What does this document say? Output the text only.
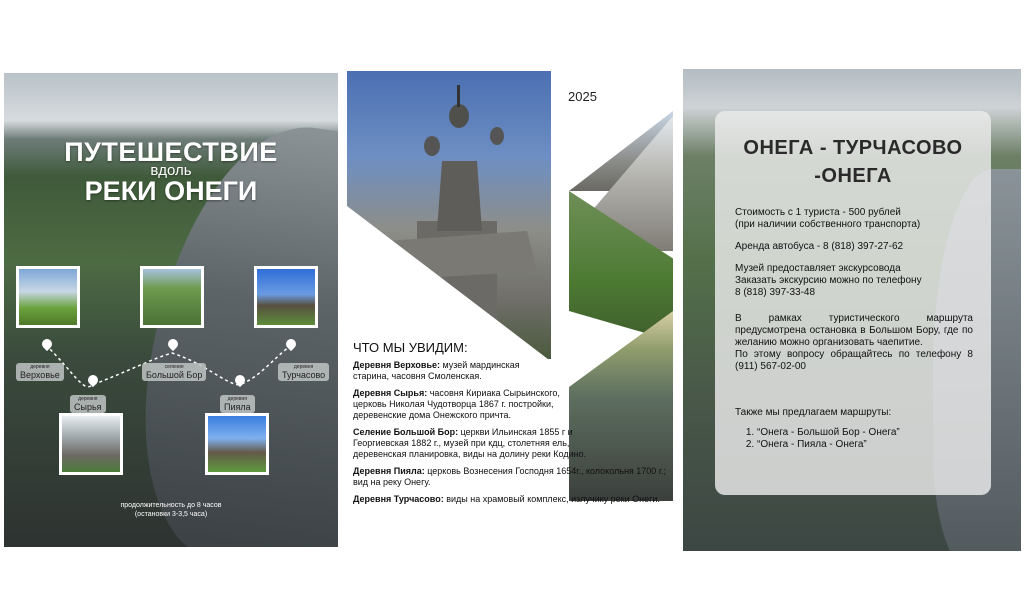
ПУТЕШЕСТВИЕ
вдоль
РЕКИ ОНЕГИ
деревня
Верховье
деревня
Сырья
селение
Большой Бор
деревня
Пияла
деревня
Турчасово
продолжительность до 8 часов
(остановки 3-3,5 часа)
2025
ЧТО МЫ УВИДИМ:

Деревня Верховье: музей мардинская старина, часовня Смоленская.

Деревня Сырья: часовня Кириака Сырьинского, церковь Николая Чудотворца 1867 г. постройки, деревенские дома Онежского причта.

Селение Большой Бор: церкви Ильинская 1855 г и Георгиевская 1882 г., музей при кдц, столетняя ель, деревенская планировка, виды на долину реки Кодино.

Деревня Пияла: церковь Вознесения Господня 1654г., колокольня 1700 г.; вид на реку Онегу.

Деревня Турчасово: виды на храмовый комплекс, излучику реки Онеги.

ОНЕГА - ТУРЧАСОВО
-ОНЕГА

Стоимость с 1 туриста - 500 рублей

(при наличии собственного транспорта)

Аренда автобуса - 8 (818) 397-27-62

Музей предоставляет экскурсовода

Заказать экскурсию можно по телефону

8 (818) 397-33-48

В рамках туристического маршрута предусмотрена остановка в Большом Бору, где по желанию можно организовать чаепитие.

По этому вопросу обращайтесь по телефону 8 (911) 567-02-00

Также мы предлагаем маршруты:

1. “Онега - Большой Бор - Онега”
2. “Онега - Пияла - Онега”
